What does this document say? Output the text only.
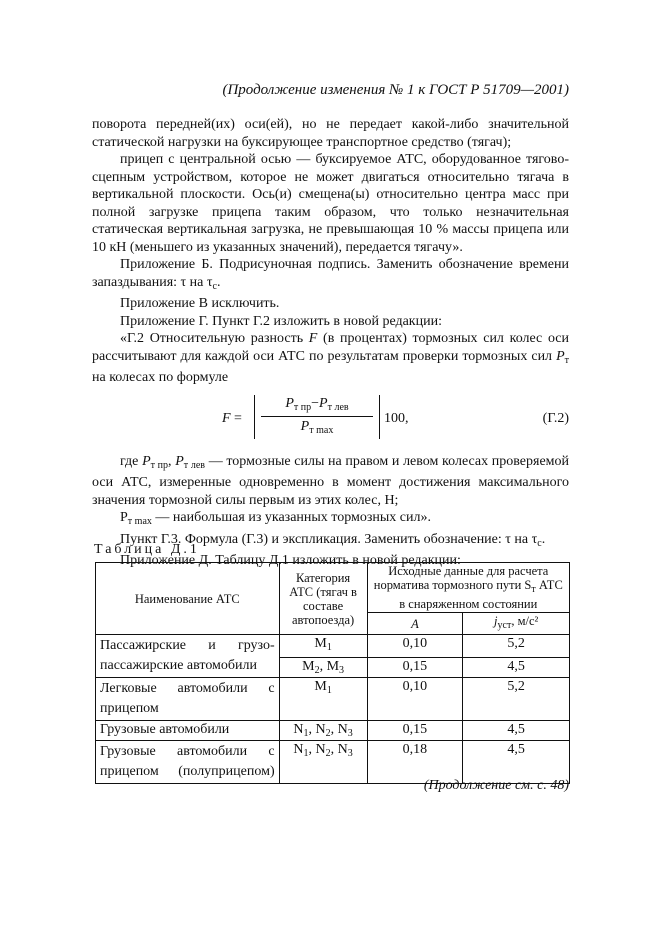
(Продолжение изменения № 1 к ГОСТ Р 51709—2001)

поворота передней(их) оси(ей), но не передает какой-либо значительной статической нагрузки на буксирующее транспортное средство (тягач);

прицеп с центральной осью — буксируемое АТС, оборудованное тягово-сцепным устройством, которое не может двигаться относительно тягача в вертикальной плоскости. Ось(и) смещена(ы) относительно центра масс при полной загрузке прицепа таким образом, что только незначительная статическая вертикальная загрузка, не превышающая 10 % массы прицепа или 10 кН (меньшего из указанных значений), передается тягачу».

Приложение Б. Подрисуночная подпись. Заменить обозначение времени запаздывания: τ на $\tau_с$.

Приложение В исключить.

Приложение Г. Пункт Г.2 изложить в новой редакции:

«Г.2 Относительную разность F (в процентах) тормозных сил колес оси рассчитывают для каждой оси АТС по результатам проверки тормозных сил $P_т$ на колесах по формуле

F =
$P_{т пр}-P_{т лев}$
$P_{т max}$
100,	(Г.2)

где $P_{т пр}$, $P_{т лев}$ — тормозные силы на правом и левом колесах проверяемой оси АТС, измеренные одновременно в момент достижения максимального значения тормозной силы первым из этих колес, Н;

$P_{т max}$ — наибольшая из указанных тормозных сил».

Пункт Г.3. Формула (Г.3) и экспликация. Заменить обозначение: τ на $\tau_с$.

Приложение Д. Таблицу Д.1 изложить в новой редакции:

Таблица Д.1
Наименование АТС	Категория АТС (тягач в составе автопоезда)	Исходные данные для расчета норматива тормозного пути $S_т$ АТС в снаряженном состоянии	
		A	$j_{уст}$, м/с²
Пассажирские и грузо-	$M_1$	0,10	5,2
пассажирские автомобили	$M_2$, $M_3$	0,15	4,5
Легковые автомобили с прицепом	$M_1$	0,10	5,2
Грузовые автомобили	$N_1$, $N_2$, $N_3$	0,15	4,5
Грузовые автомобили с прицепом (полуприцепом)	$N_1$, $N_2$, $N_3$	0,18	4,5
(Продолжение см. с. 48)
